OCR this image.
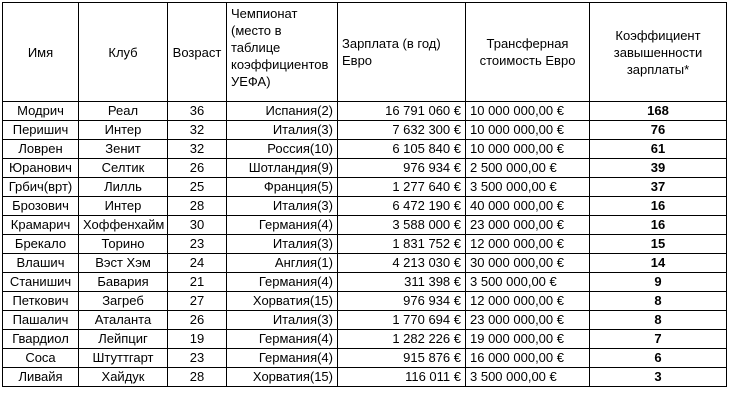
Имя	Клуб	Возраст	Чемпионат (место в таблице коэффициентов УЕФА)	Зарплата (в год) Евро	Трансферная стоимость Евро	Коэффициент завышенности зарплаты*
Модрич	Реал	36	Испания(2)	16 791 060 €	10 000 000,00 €	168
Перишич	Интер	32	Италия(3)	7 632 300 €	10 000 000,00 €	76
Ловрен	Зенит	32	Россия(10)	6 105 840 €	10 000 000,00 €	61
Юранович	Селтик	26	Шотландия(9)	976 934 €	2 500 000,00 €	39
Грбич(врт)	Лилль	25	Франция(5)	1 277 640 €	3 500 000,00 €	37
Брозович	Интер	28	Италия(3)	6 472 190 €	40 000 000,00 €	16
Крамарич	Хоффенхайм	30	Германия(4)	3 588 000 €	23 000 000,00 €	16
Брекало	Торино	23	Италия(3)	1 831 752 €	12 000 000,00 €	15
Влашич	Вэст Хэм	24	Англия(1)	4 213 030 €	30 000 000,00 €	14
Станишич	Бавария	21	Германия(4)	311 398 €	3 500 000,00 €	9
Петкович	Загреб	27	Хорватия(15)	976 934 €	12 000 000,00 €	8
Пашалич	Аталанта	26	Италия(3)	1 770 694 €	23 000 000,00 €	8
Гвардиол	Лейпциг	19	Германия(4)	1 282 226 €	19 000 000,00 €	7
Соса	Штуттгарт	23	Германия(4)	915 876 €	16 000 000,00 €	6
Ливайя	Хайдук	28	Хорватия(15)	116 011 €	3 500 000,00 €	3
